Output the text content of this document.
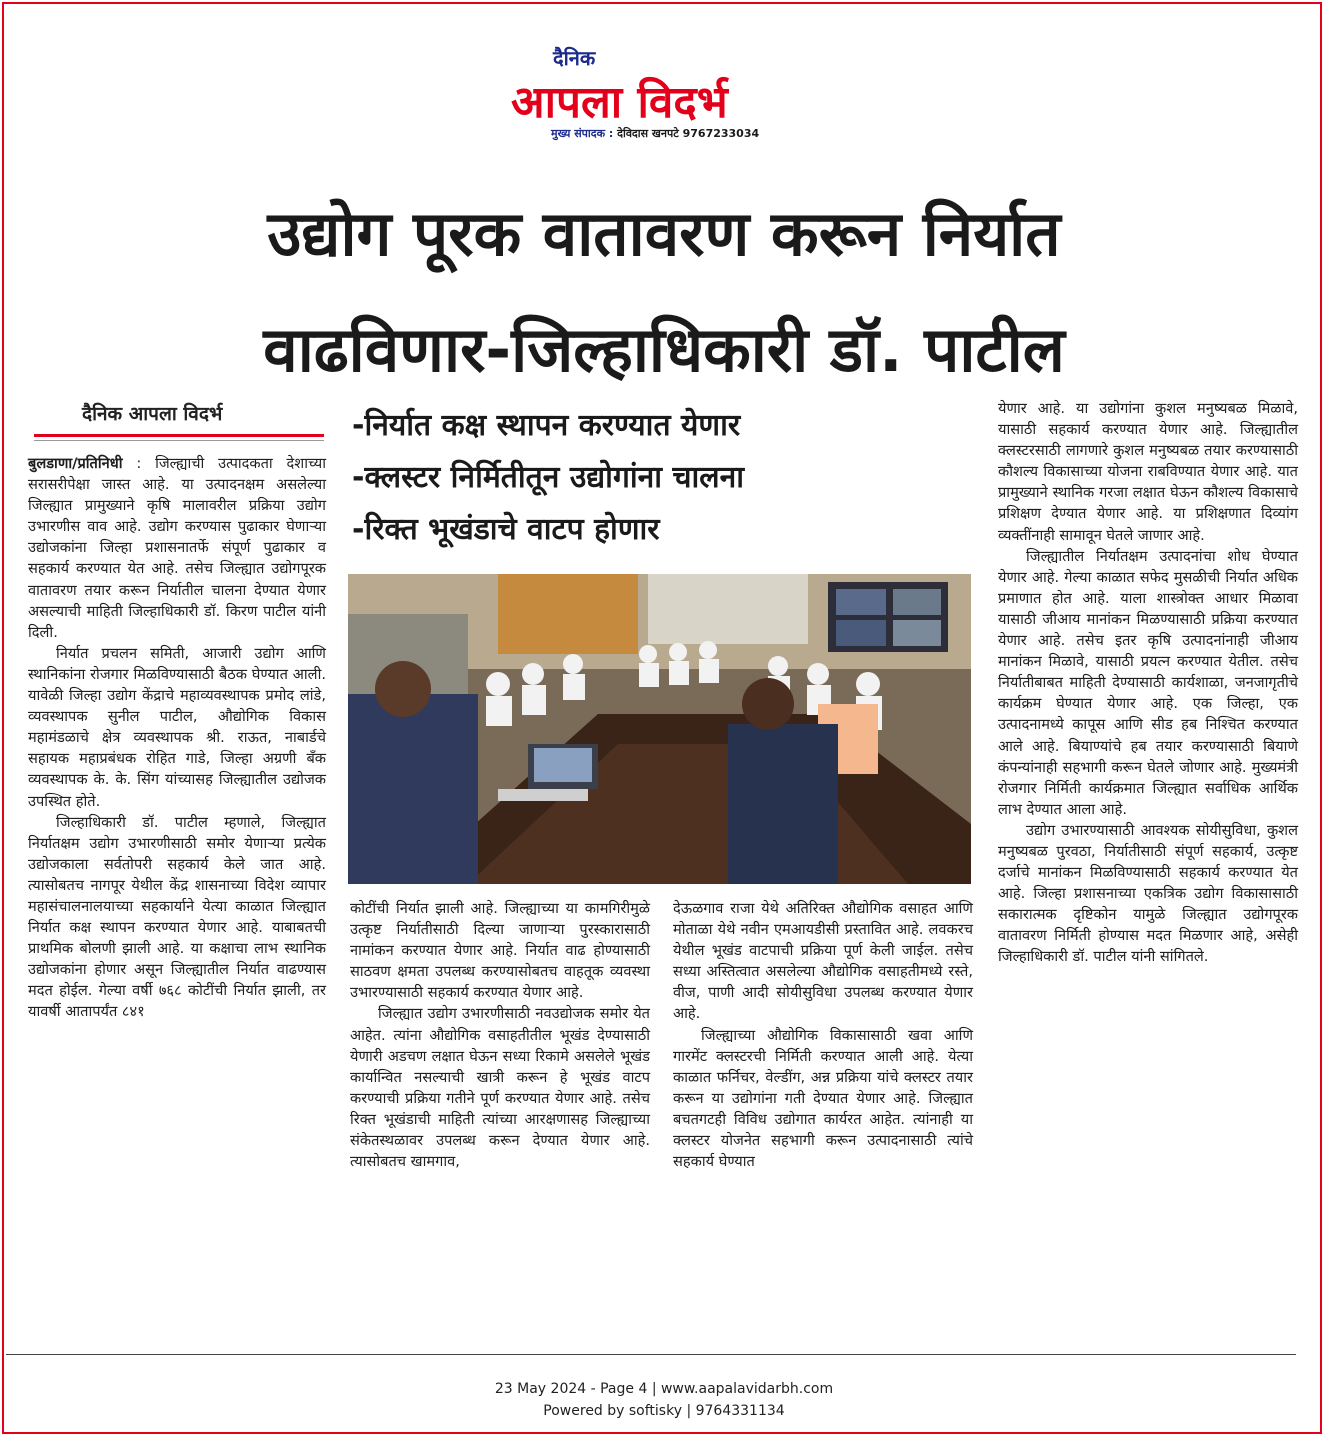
दैनिक
आपला विदर्भ
मुख्य संपादक : देविदास खनपटे 9767233034
उद्योग पूरक वातावरण करून निर्यात
वाढविणार-जिल्हाधिकारी डॉ. पाटील
दैनिक आपला विदर्भ

बुलडाणा/प्रतिनिधी : जिल्ह्याची उत्पादकता देशाच्या सरासरीपेक्षा जास्त आहे. या उत्पादनक्षम असलेल्या जिल्ह्यात प्रामुख्याने कृषि मालावरील प्रक्रिया उद्योग उभारणीस वाव आहे. उद्योग करण्यास पुढाकार घेणाऱ्या उद्योजकांना जिल्हा प्रशासनातर्फे संपूर्ण पुढाकार व सहकार्य करण्यात येत आहे. तसेच जिल्ह्यात उद्योगपूरक वातावरण तयार करून निर्यातील चालना देण्यात येणार असल्याची माहिती जिल्हाधिकारी डॉ. किरण पाटील यांनी दिली.

निर्यात प्रचलन समिती, आजारी उद्योग आणि स्थानिकांना रोजगार मिळविण्यासाठी बैठक घेण्यात आली. यावेळी जिल्हा उद्योग केंद्राचे महाव्यवस्थापक प्रमोद लांडे, व्यवस्थापक सुनील पाटील, औद्योगिक विकास महामंडळाचे क्षेत्र व्यवस्थापक श्री. राऊत, नाबार्डचे सहायक महाप्रबंधक रोहित गाडे, जिल्हा अग्रणी बँक व्यवस्थापक के. के. सिंग यांच्यासह जिल्ह्यातील उद्योजक उपस्थित होते.

जिल्हाधिकारी डॉ. पाटील म्हणाले, जिल्ह्यात निर्यातक्षम उद्योग उभारणीसाठी समोर येणाऱ्या प्रत्येक उद्योजकाला सर्वतोपरी सहकार्य केले जात आहे. त्यासोबतच नागपूर येथील केंद्र शासनाच्या विदेश व्यापार महासंचालनालयाच्या सहकार्याने येत्या काळात जिल्ह्यात निर्यात कक्ष स्थापन करण्यात येणार आहे. याबाबतची प्राथमिक बोलणी झाली आहे. या कक्षाचा लाभ स्थानिक उद्योजकांना होणार असून जिल्ह्यातील निर्यात वाढण्यास मदत होईल. गेल्या वर्षी ७६८ कोटींची निर्यात झाली, तर यावर्षी आतापर्यंत ८४१

-निर्यात कक्ष स्थापन करण्यात येणार
-क्लस्टर निर्मितीतून उद्योगांना चालना
-रिक्त भूखंडाचे वाटप होणार

कोटींची निर्यात झाली आहे. जिल्ह्याच्या या कामगिरीमुळे उत्कृष्ट निर्यातीसाठी दिल्या जाणाऱ्या पुरस्कारासाठी नामांकन करण्यात येणार आहे. निर्यात वाढ होण्यासाठी साठवण क्षमता उपलब्ध करण्यासोबतच वाहतूक व्यवस्था उभारण्यासाठी सहकार्य करण्यात येणार आहे.

जिल्ह्यात उद्योग उभारणीसाठी नवउद्योजक समोर येत आहेत. त्यांना औद्योगिक वसाहतीतील भूखंड देण्यासाठी येणारी अडचण लक्षात घेऊन सध्या रिकामे असलेले भूखंड कार्यान्वित नसल्याची खात्री करून हे भूखंड वाटप करण्याची प्रक्रिया गतीने पूर्ण करण्यात येणार आहे. तसेच रिक्त भूखंडाची माहिती त्यांच्या आरक्षणासह जिल्ह्याच्या संकेतस्थळावर उपलब्ध करून देण्यात येणार आहे. त्यासोबतच खामगाव,

देऊळगाव राजा येथे अतिरिक्त औद्योगिक वसाहत आणि मोताळा येथे नवीन एमआयडीसी प्रस्तावित आहे. लवकरच येथील भूखंड वाटपाची प्रक्रिया पूर्ण केली जाईल. तसेच सध्या अस्तित्वात असलेल्या औद्योगिक वसाहतीमध्ये रस्ते, वीज, पाणी आदी सोयीसुविधा उपलब्ध करण्यात येणार आहे.

जिल्ह्याच्या औद्योगिक विकासासाठी खवा आणि गारमेंट क्लस्टरची निर्मिती करण्यात आली आहे. येत्या काळात फर्निचर, वेल्डींग, अन्न प्रक्रिया यांचे क्लस्टर तयार करून या उद्योगांना गती देण्यात येणार आहे. जिल्ह्यात बचतगटही विविध उद्योगात कार्यरत आहेत. त्यांनाही या क्लस्टर योजनेत सहभागी करून उत्पादनासाठी त्यांचे सहकार्य घेण्यात

येणार आहे. या उद्योगांना कुशल मनुष्यबळ मिळावे, यासाठी सहकार्य करण्यात येणार आहे. जिल्ह्यातील क्लस्टरसाठी लागणारे कुशल मनुष्यबळ तयार करण्यासाठी कौशल्य विकासाच्या योजना राबविण्यात येणार आहे. यात प्रामुख्याने स्थानिक गरजा लक्षात घेऊन कौशल्य विकासाचे प्रशिक्षण देण्यात येणार आहे. या प्रशिक्षणात दिव्यांग व्यक्तींनाही सामावून घेतले जाणार आहे.

जिल्ह्यातील निर्यातक्षम उत्पादनांचा शोध घेण्यात येणार आहे. गेल्या काळात सफेद मुसळीची निर्यात अधिक प्रमाणात होत आहे. याला शास्त्रोक्त आधार मिळावा यासाठी जीआय मानांकन मिळण्यासाठी प्रक्रिया करण्यात येणार आहे. तसेच इतर कृषि उत्पादनांनाही जीआय मानांकन मिळावे, यासाठी प्रयत्न करण्यात येतील. तसेच निर्यातीबाबत माहिती देण्यासाठी कार्यशाळा, जनजागृतीचे कार्यक्रम घेण्यात येणार आहे. एक जिल्हा, एक उत्पादनामध्ये कापूस आणि सीड हब निश्चित करण्यात आले आहे. बियाण्यांचे हब तयार करण्यासाठी बियाणे कंपन्यांनाही सहभागी करून घेतले जोणार आहे. मुख्यमंत्री रोजगार निर्मिती कार्यक्रमात जिल्ह्यात सर्वाधिक आर्थिक लाभ देण्यात आला आहे.

उद्योग उभारण्यासाठी आवश्यक सोयीसुविधा, कुशल मनुष्यबळ पुरवठा, निर्यातीसाठी संपूर्ण सहकार्य, उत्कृष्ट दर्जाचे मानांकन मिळविण्यासाठी सहकार्य करण्यात येत आहे. जिल्हा प्रशासनाच्या एकत्रिक उद्योग विकासासाठी सकारात्मक दृष्टिकोन यामुळे जिल्ह्यात उद्योगपूरक वातावरण निर्मिती होण्यास मदत मिळणार आहे, असेही जिल्हाधिकारी डॉ. पाटील यांनी सांगितले.

23 May 2024 - Page 4 | www.aapalavidarbh.com
Powered by softisky | 9764331134
